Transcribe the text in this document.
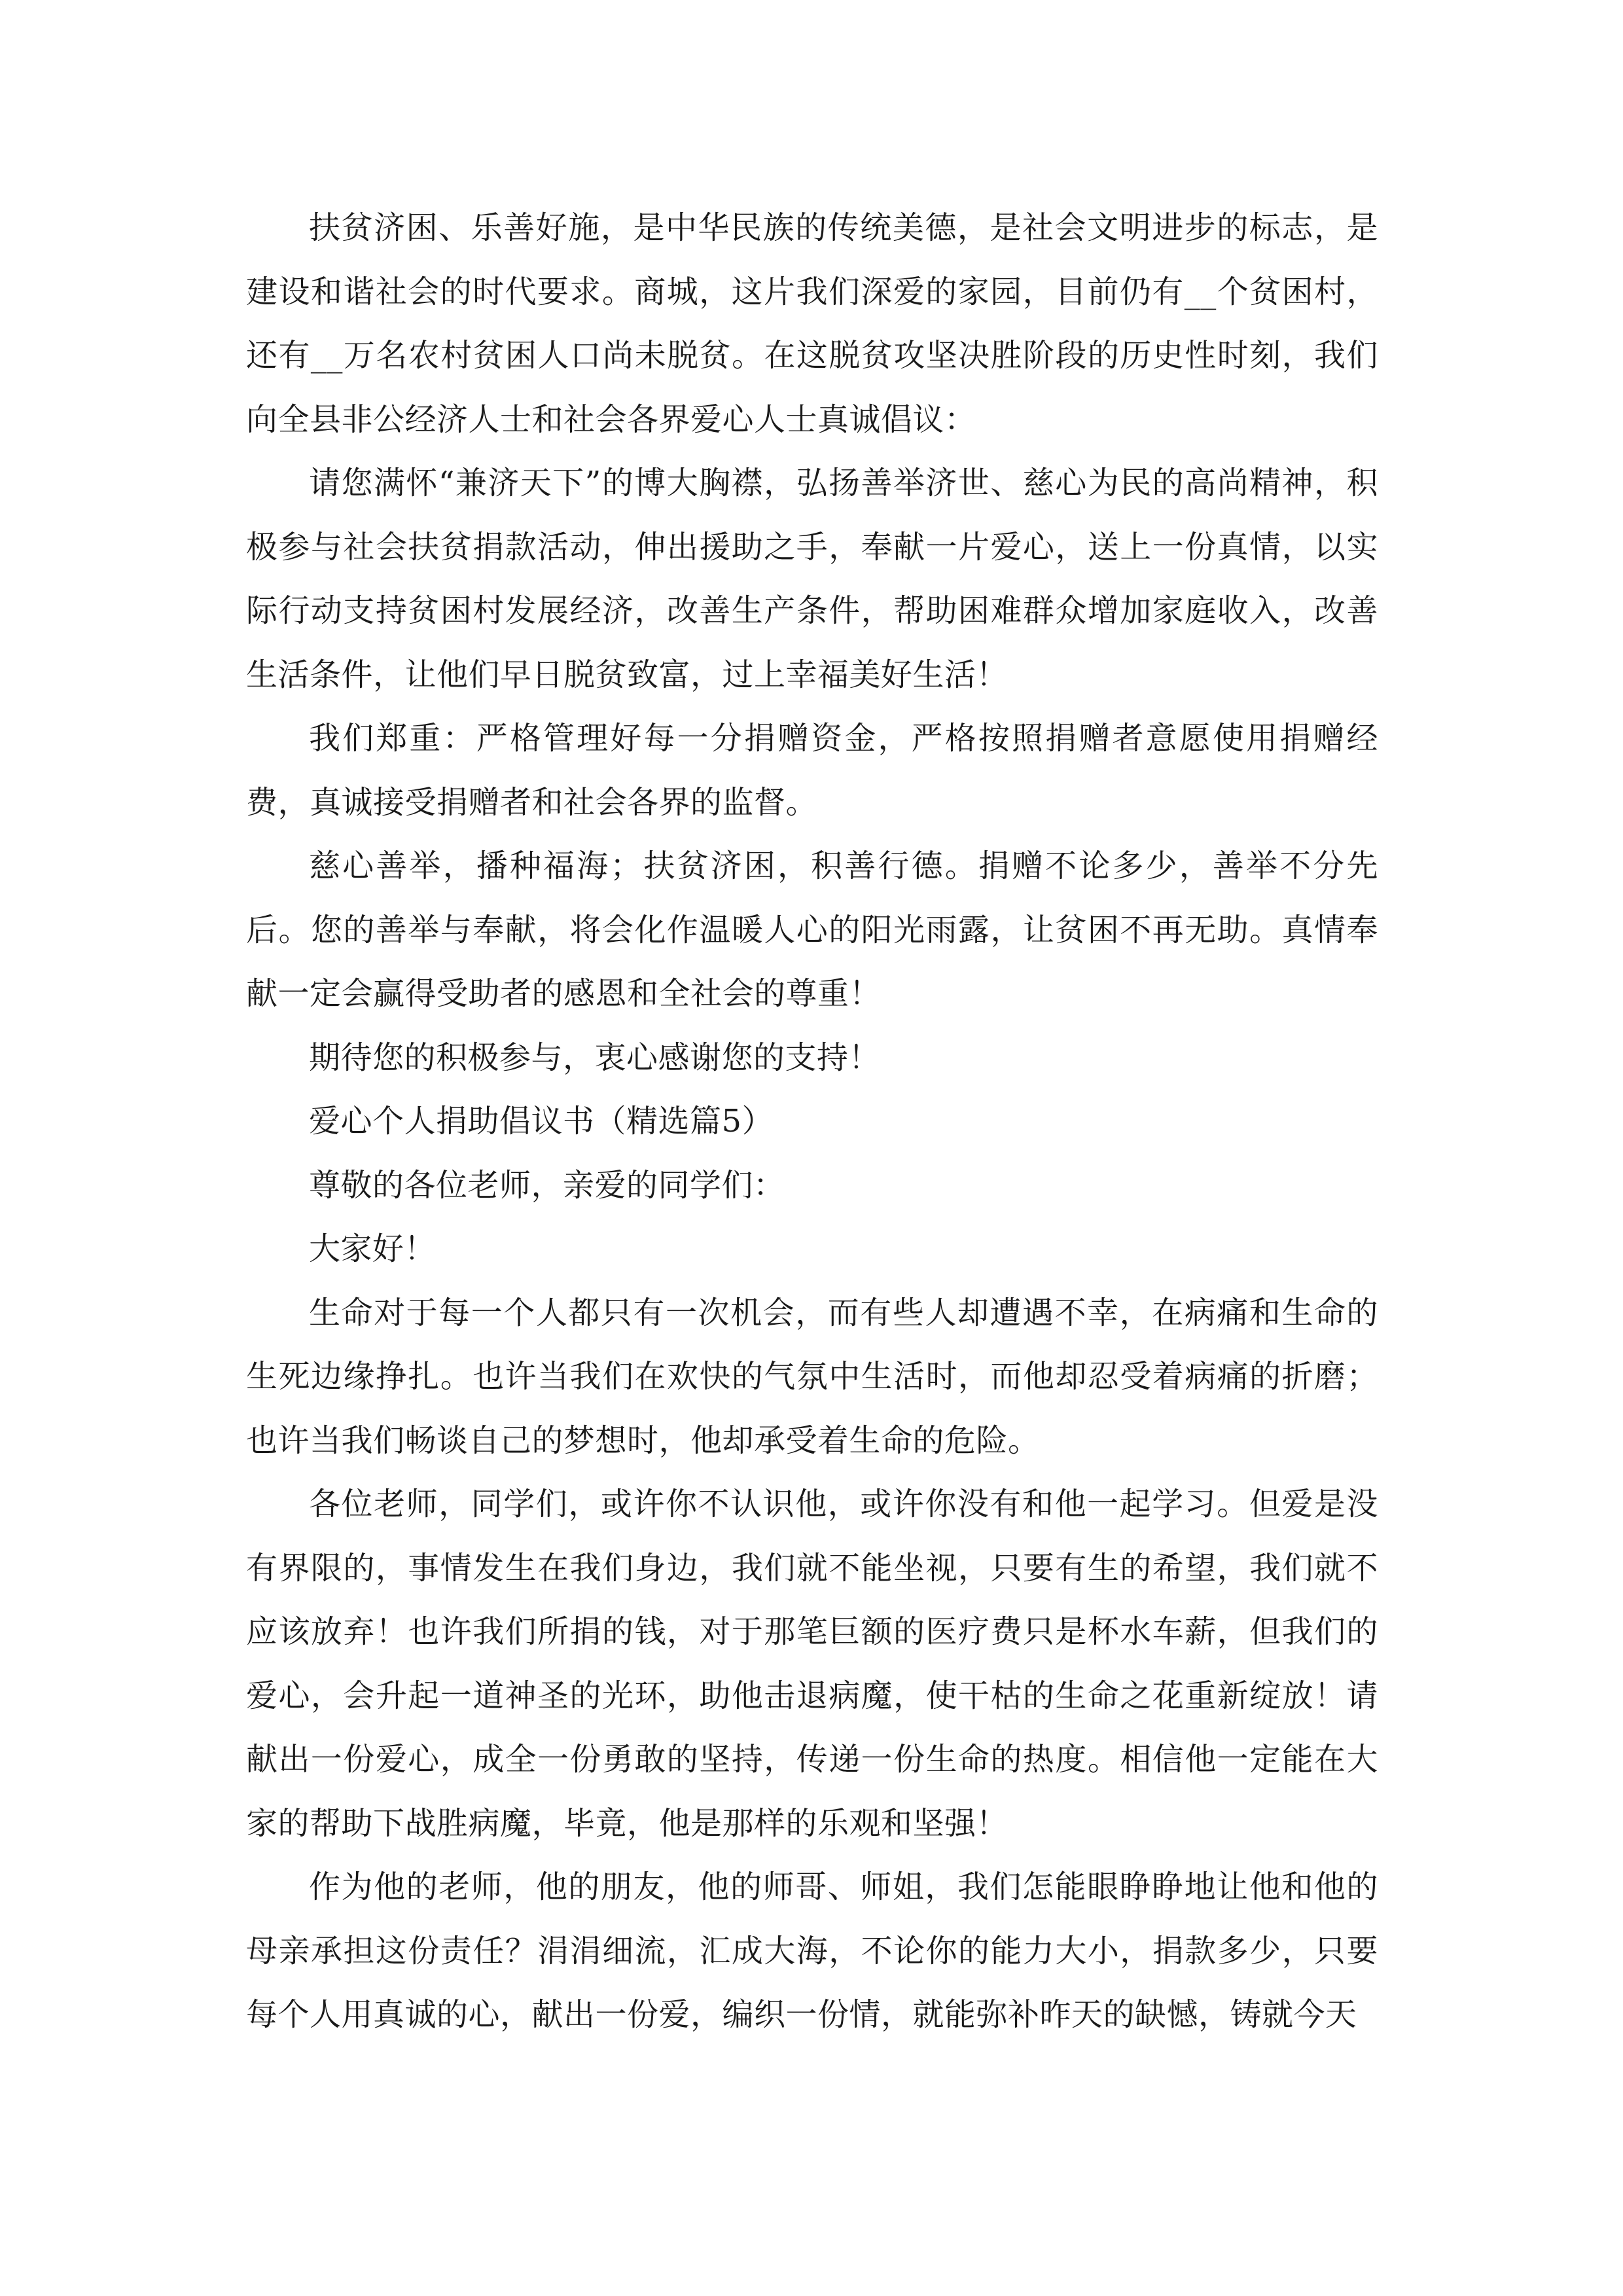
扶贫济困、乐善好施，是中华民族的传统美德，是社会文明进步的标志，是建设和谐社会的时代要求。商城，这片我们深爱的家园，目前仍有__个贫困村，还有__万名农村贫困人口尚未脱贫。在这脱贫攻坚决胜阶段的历史性时刻，我们向全县非公经济人士和社会各界爱心人士真诚倡议：

请您满怀“兼济天下”的博大胸襟，弘扬善举济世、慈心为民的高尚精神，积极参与社会扶贫捐款活动，伸出援助之手，奉献一片爱心，送上一份真情，以实际行动支持贫困村发展经济，改善生产条件，帮助困难群众增加家庭收入，改善生活条件，让他们早日脱贫致富，过上幸福美好生活！

我们郑重：严格管理好每一分捐赠资金，严格按照捐赠者意愿使用捐赠经费，真诚接受捐赠者和社会各界的监督。

慈心善举，播种福海；扶贫济困，积善行德。捐赠不论多少，善举不分先后。您的善举与奉献，将会化作温暖人心的阳光雨露，让贫困不再无助。真情奉献一定会赢得受助者的感恩和全社会的尊重！

期待您的积极参与，衷心感谢您的支持！

爱心个人捐助倡议书（精选篇5）

尊敬的各位老师，亲爱的同学们：

大家好！

生命对于每一个人都只有一次机会，而有些人却遭遇不幸，在病痛和生命的生死边缘挣扎。也许当我们在欢快的气氛中生活时，而他却忍受着病痛的折磨；也许当我们畅谈自己的梦想时，他却承受着生命的危险。

各位老师，同学们，或许你不认识他，或许你没有和他一起学习。但爱是没有界限的，事情发生在我们身边，我们就不能坐视，只要有生的希望，我们就不应该放弃！也许我们所捐的钱，对于那笔巨额的医疗费只是杯水车薪，但我们的爱心，会升起一道神圣的光环，助他击退病魔，使干枯的生命之花重新绽放！请献出一份爱心，成全一份勇敢的坚持，传递一份生命的热度。相信他一定能在大家的帮助下战胜病魔，毕竟，他是那样的乐观和坚强！

作为他的老师，他的朋友，他的师哥、师姐，我们怎能眼睁睁地让他和他的母亲承担这份责任？涓涓细流，汇成大海，不论你的能力大小，捐款多少，只要每个人用真诚的心，献出一份爱，编织一份情，就能弥补昨天的缺憾，铸就今天
